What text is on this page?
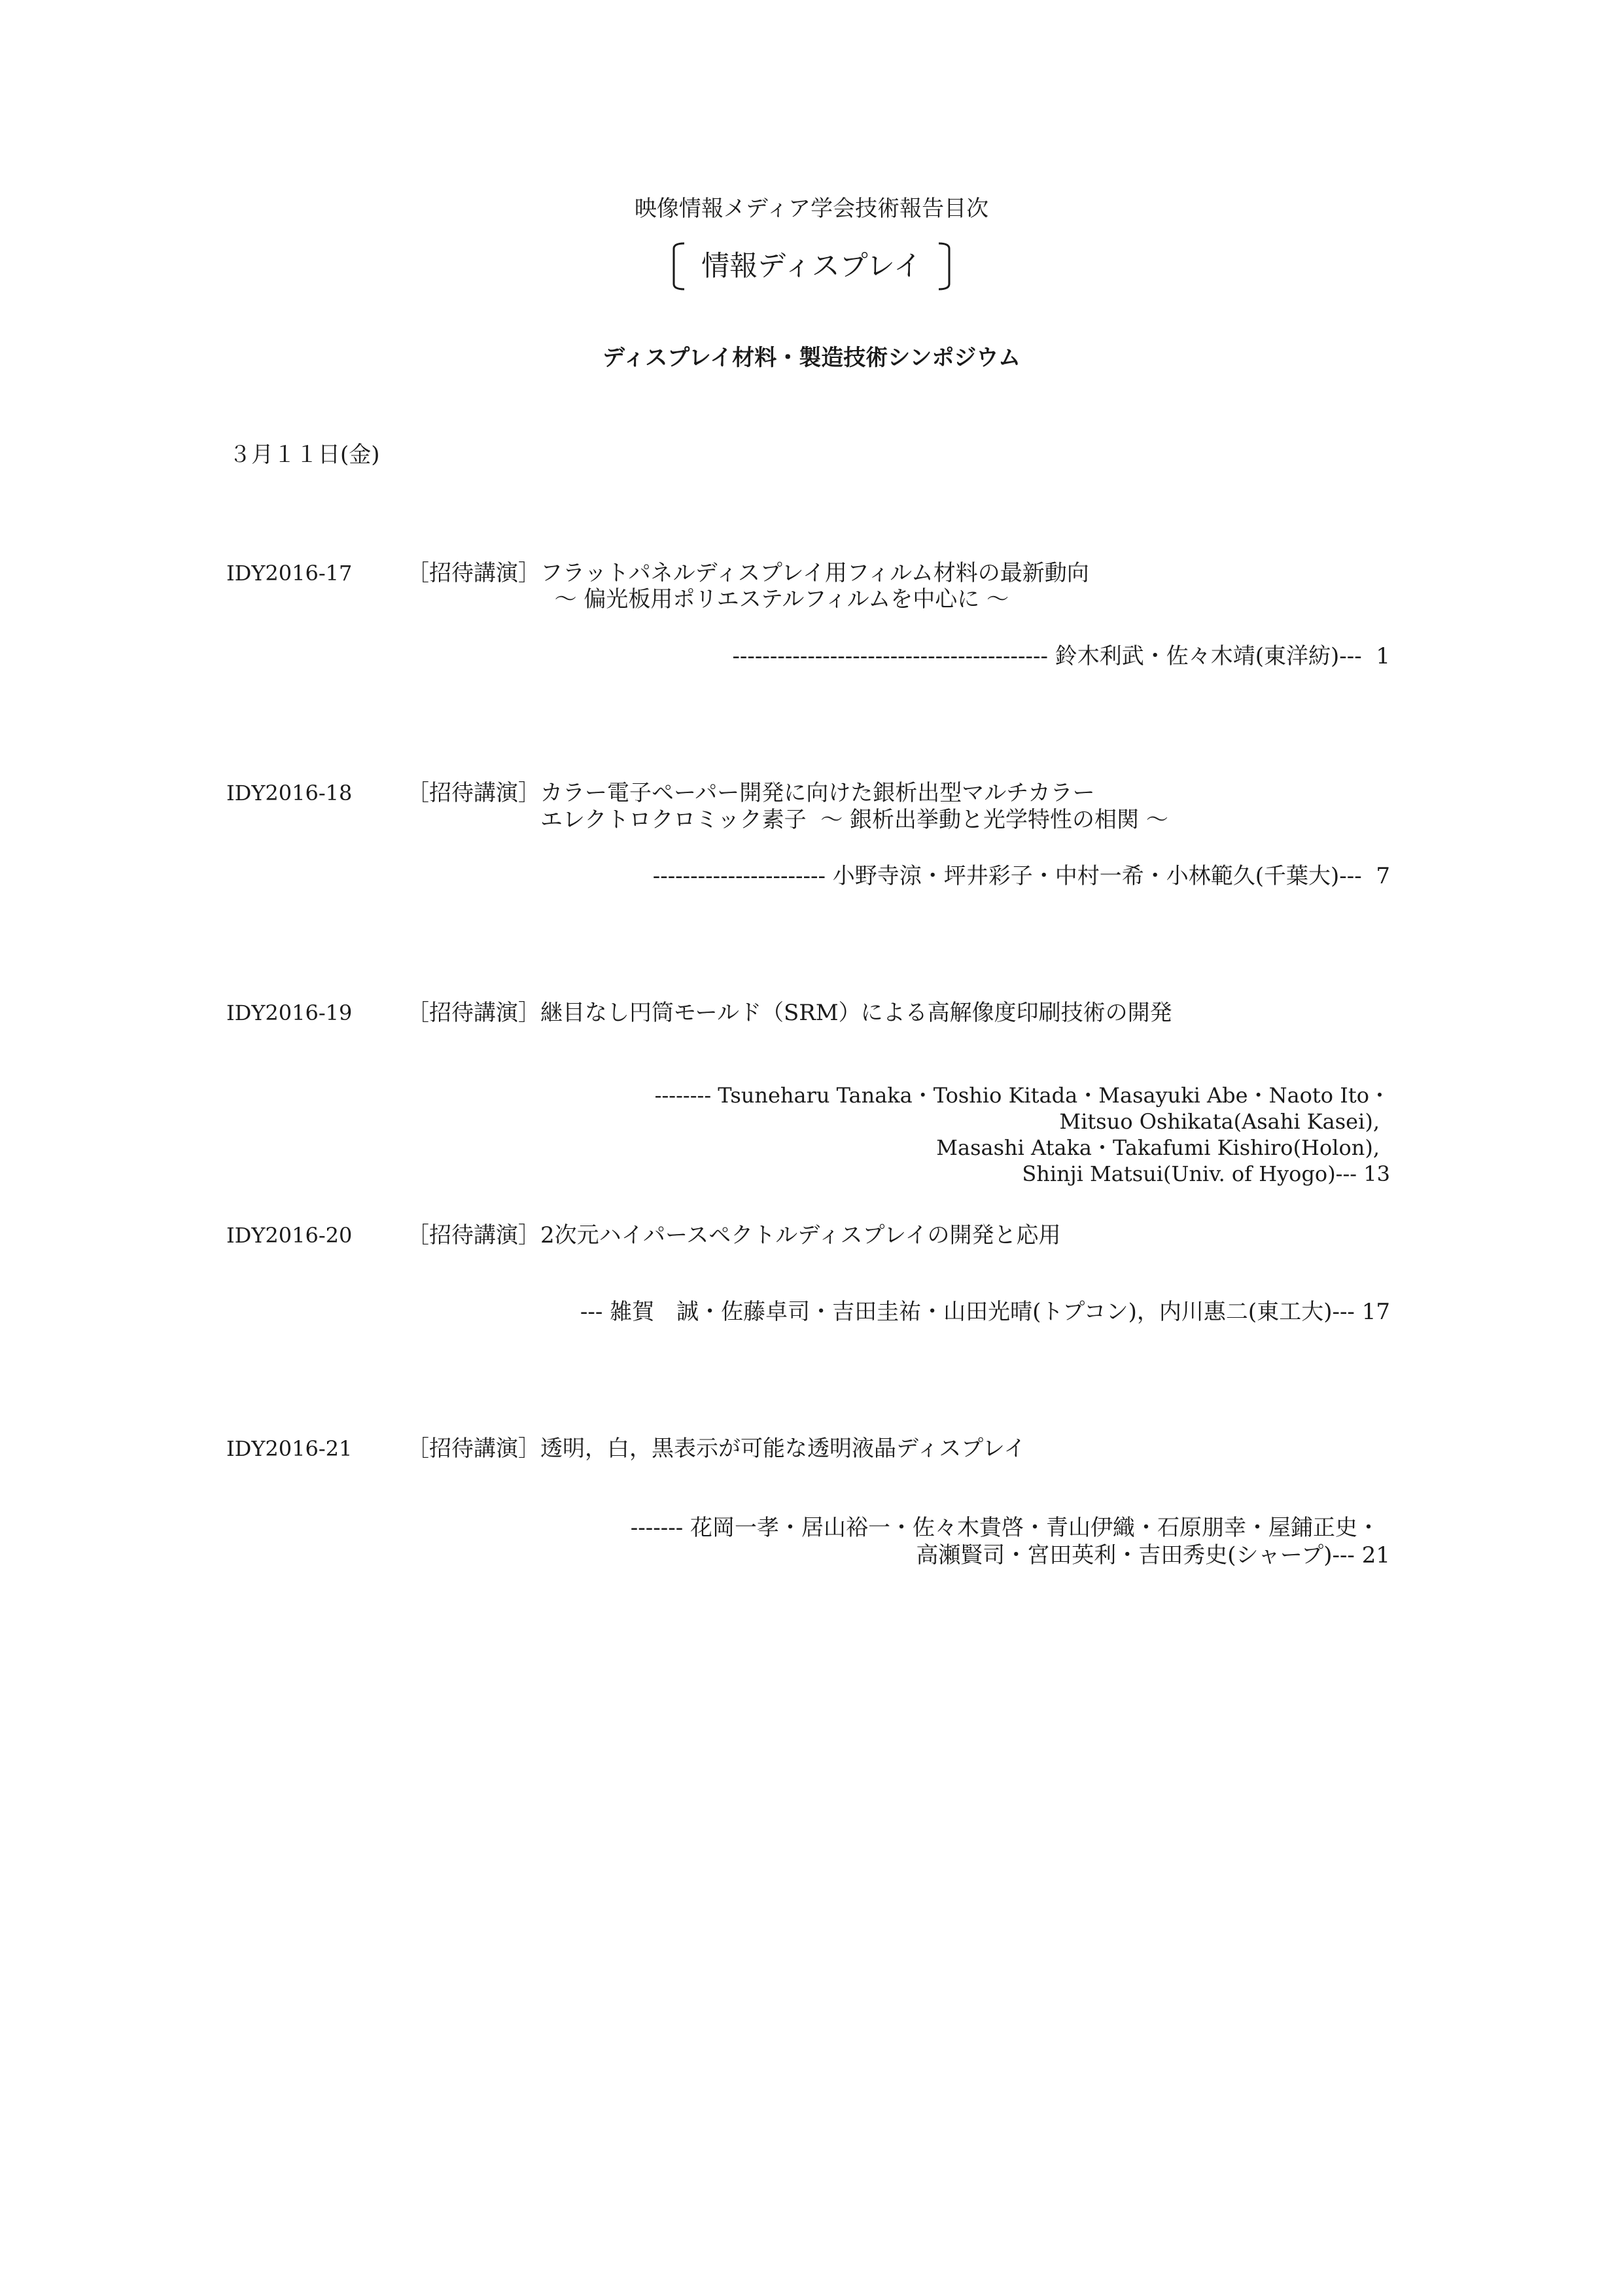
映像情報メディア学会技術報告目次
情報ディスプレイ
ディスプレイ材料・製造技術シンポジウム
３月１１日(金)
IDY2016-17 ［招待講演］ フラットパネルディスプレイ用フィルム材料の最新動向
～ 偏光板用ポリエステルフィルムを中心に ～
------------------------------------------ 鈴木利武・佐々木靖(東洋紡)---  1
IDY2016-18 ［招待講演］ カラー電子ペーパー開発に向けた銀析出型マルチカラー
エレクトロクロミック素子  ～ 銀析出挙動と光学特性の相関 ～
----------------------- 小野寺涼・坪井彩子・中村一希・小林範久(千葉大)---  7
IDY2016-19 ［招待講演］ 継目なし円筒モールド（SRM）による高解像度印刷技術の開発
-------- Tsuneharu Tanaka・Toshio Kitada・Masayuki Abe・Naoto Ito・
Mitsuo Oshikata(Asahi Kasei),
Masashi Ataka・Takafumi Kishiro(Holon),
Shinji Matsui(Univ. of Hyogo)--- 13
IDY2016-20 ［招待講演］ 2次元ハイパースペクトルディスプレイの開発と応用
--- 雑賀　誠・佐藤卓司・吉田圭祐・山田光晴(トプコン)，内川惠二(東工大)--- 17
IDY2016-21 ［招待講演］ 透明，白，黒表示が可能な透明液晶ディスプレイ
------- 花岡一孝・居山裕一・佐々木貴啓・青山伊織・石原朋幸・屋鋪正史・
高瀬賢司・宮田英利・吉田秀史(シャープ)--- 21
